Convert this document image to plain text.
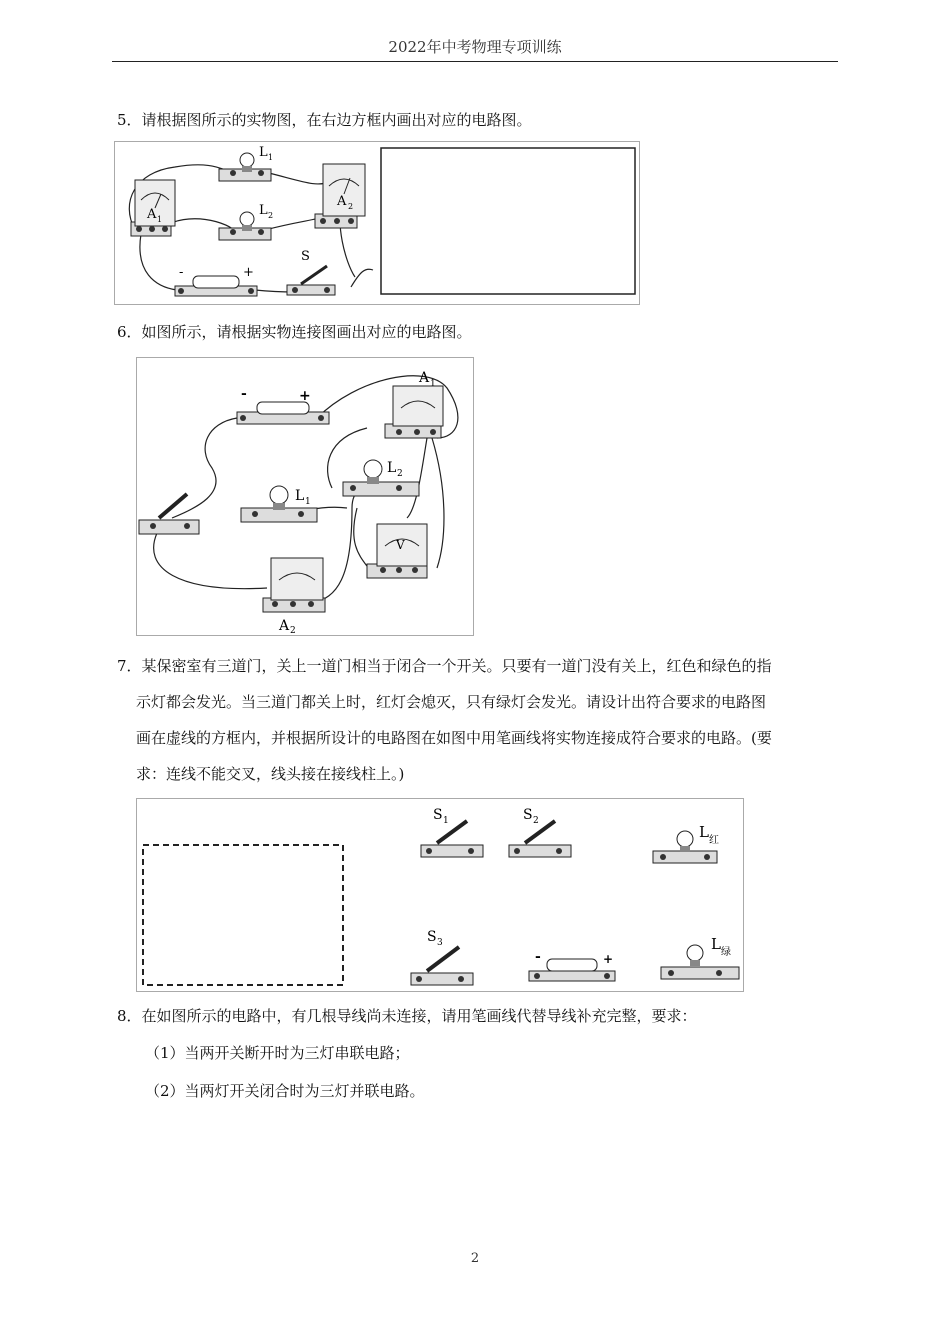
2022年中考物理专项训练
5．请根据图所示的实物图，在右边方框内画出对应的电路图。
A 1
L 1
L 2
A 2
-	+
S
6．如图所示，请根据实物连接图画出对应的电路图。
-	+
A 1
L 1
L 2
V
A 2
7．某保密室有三道门，关上一道门相当于闭合一个开关。只要有一道门没有关上，红色和绿色的指
示灯都会发光。当三道门都关上时，红灯会熄灭，只有绿灯会发光。请设计出符合要求的电路图
画在虚线的方框内，并根据所设计的电路图在如图中用笔画线将实物连接成符合要求的电路。(要
求：连线不能交叉，线头接在接线柱上。)
S 1	S 2
L 红
S 3
-	+
L 绿
8．在如图所示的电路中，有几根导线尚未连接，请用笔画线代替导线补充完整，要求：
（1）当两开关断开时为三灯串联电路；
（2）当两灯开关闭合时为三灯并联电路。
2
